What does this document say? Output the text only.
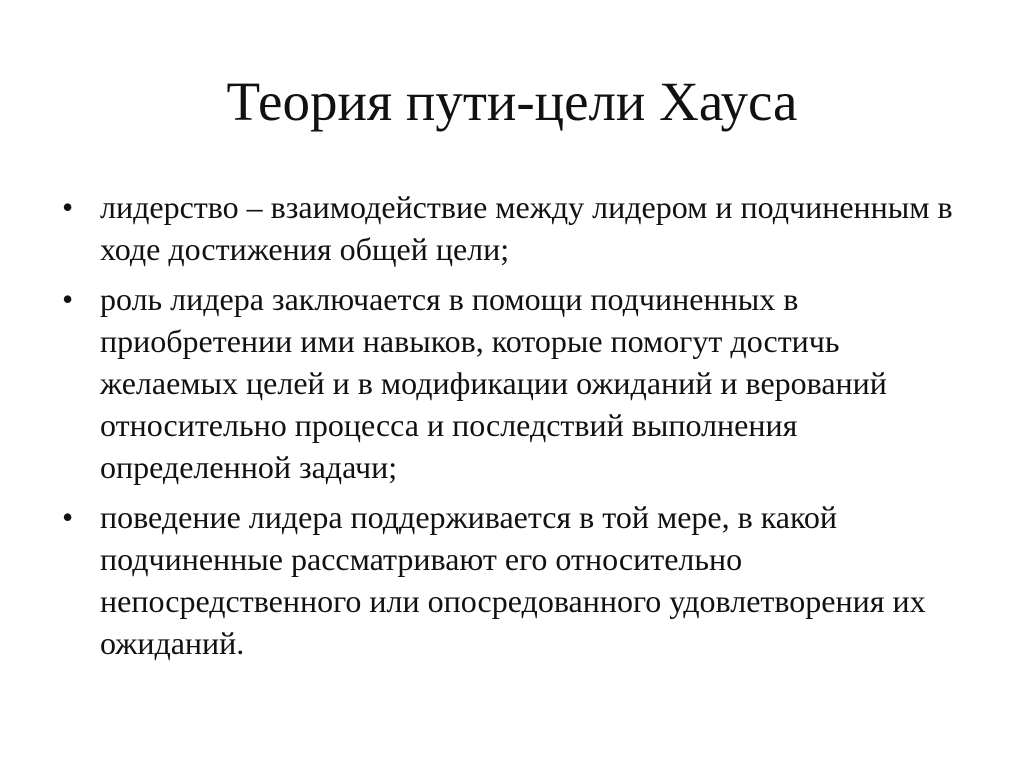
Теория пути-цели Хауса
• лидерство – взаимодействие между лидером и подчиненным в ходе достижения общей цели;
• роль лидера заключается в помощи подчиненных в приобретении ими навыков, которые помогут достичь желаемых целей и в модификации ожиданий и верований относительно процесса и последствий выполнения определенной задачи;
• поведение лидера поддерживается в той мере, в какой подчиненные рассматривают его относительно непосредственного или опосредованного удовлетворения их ожиданий.
